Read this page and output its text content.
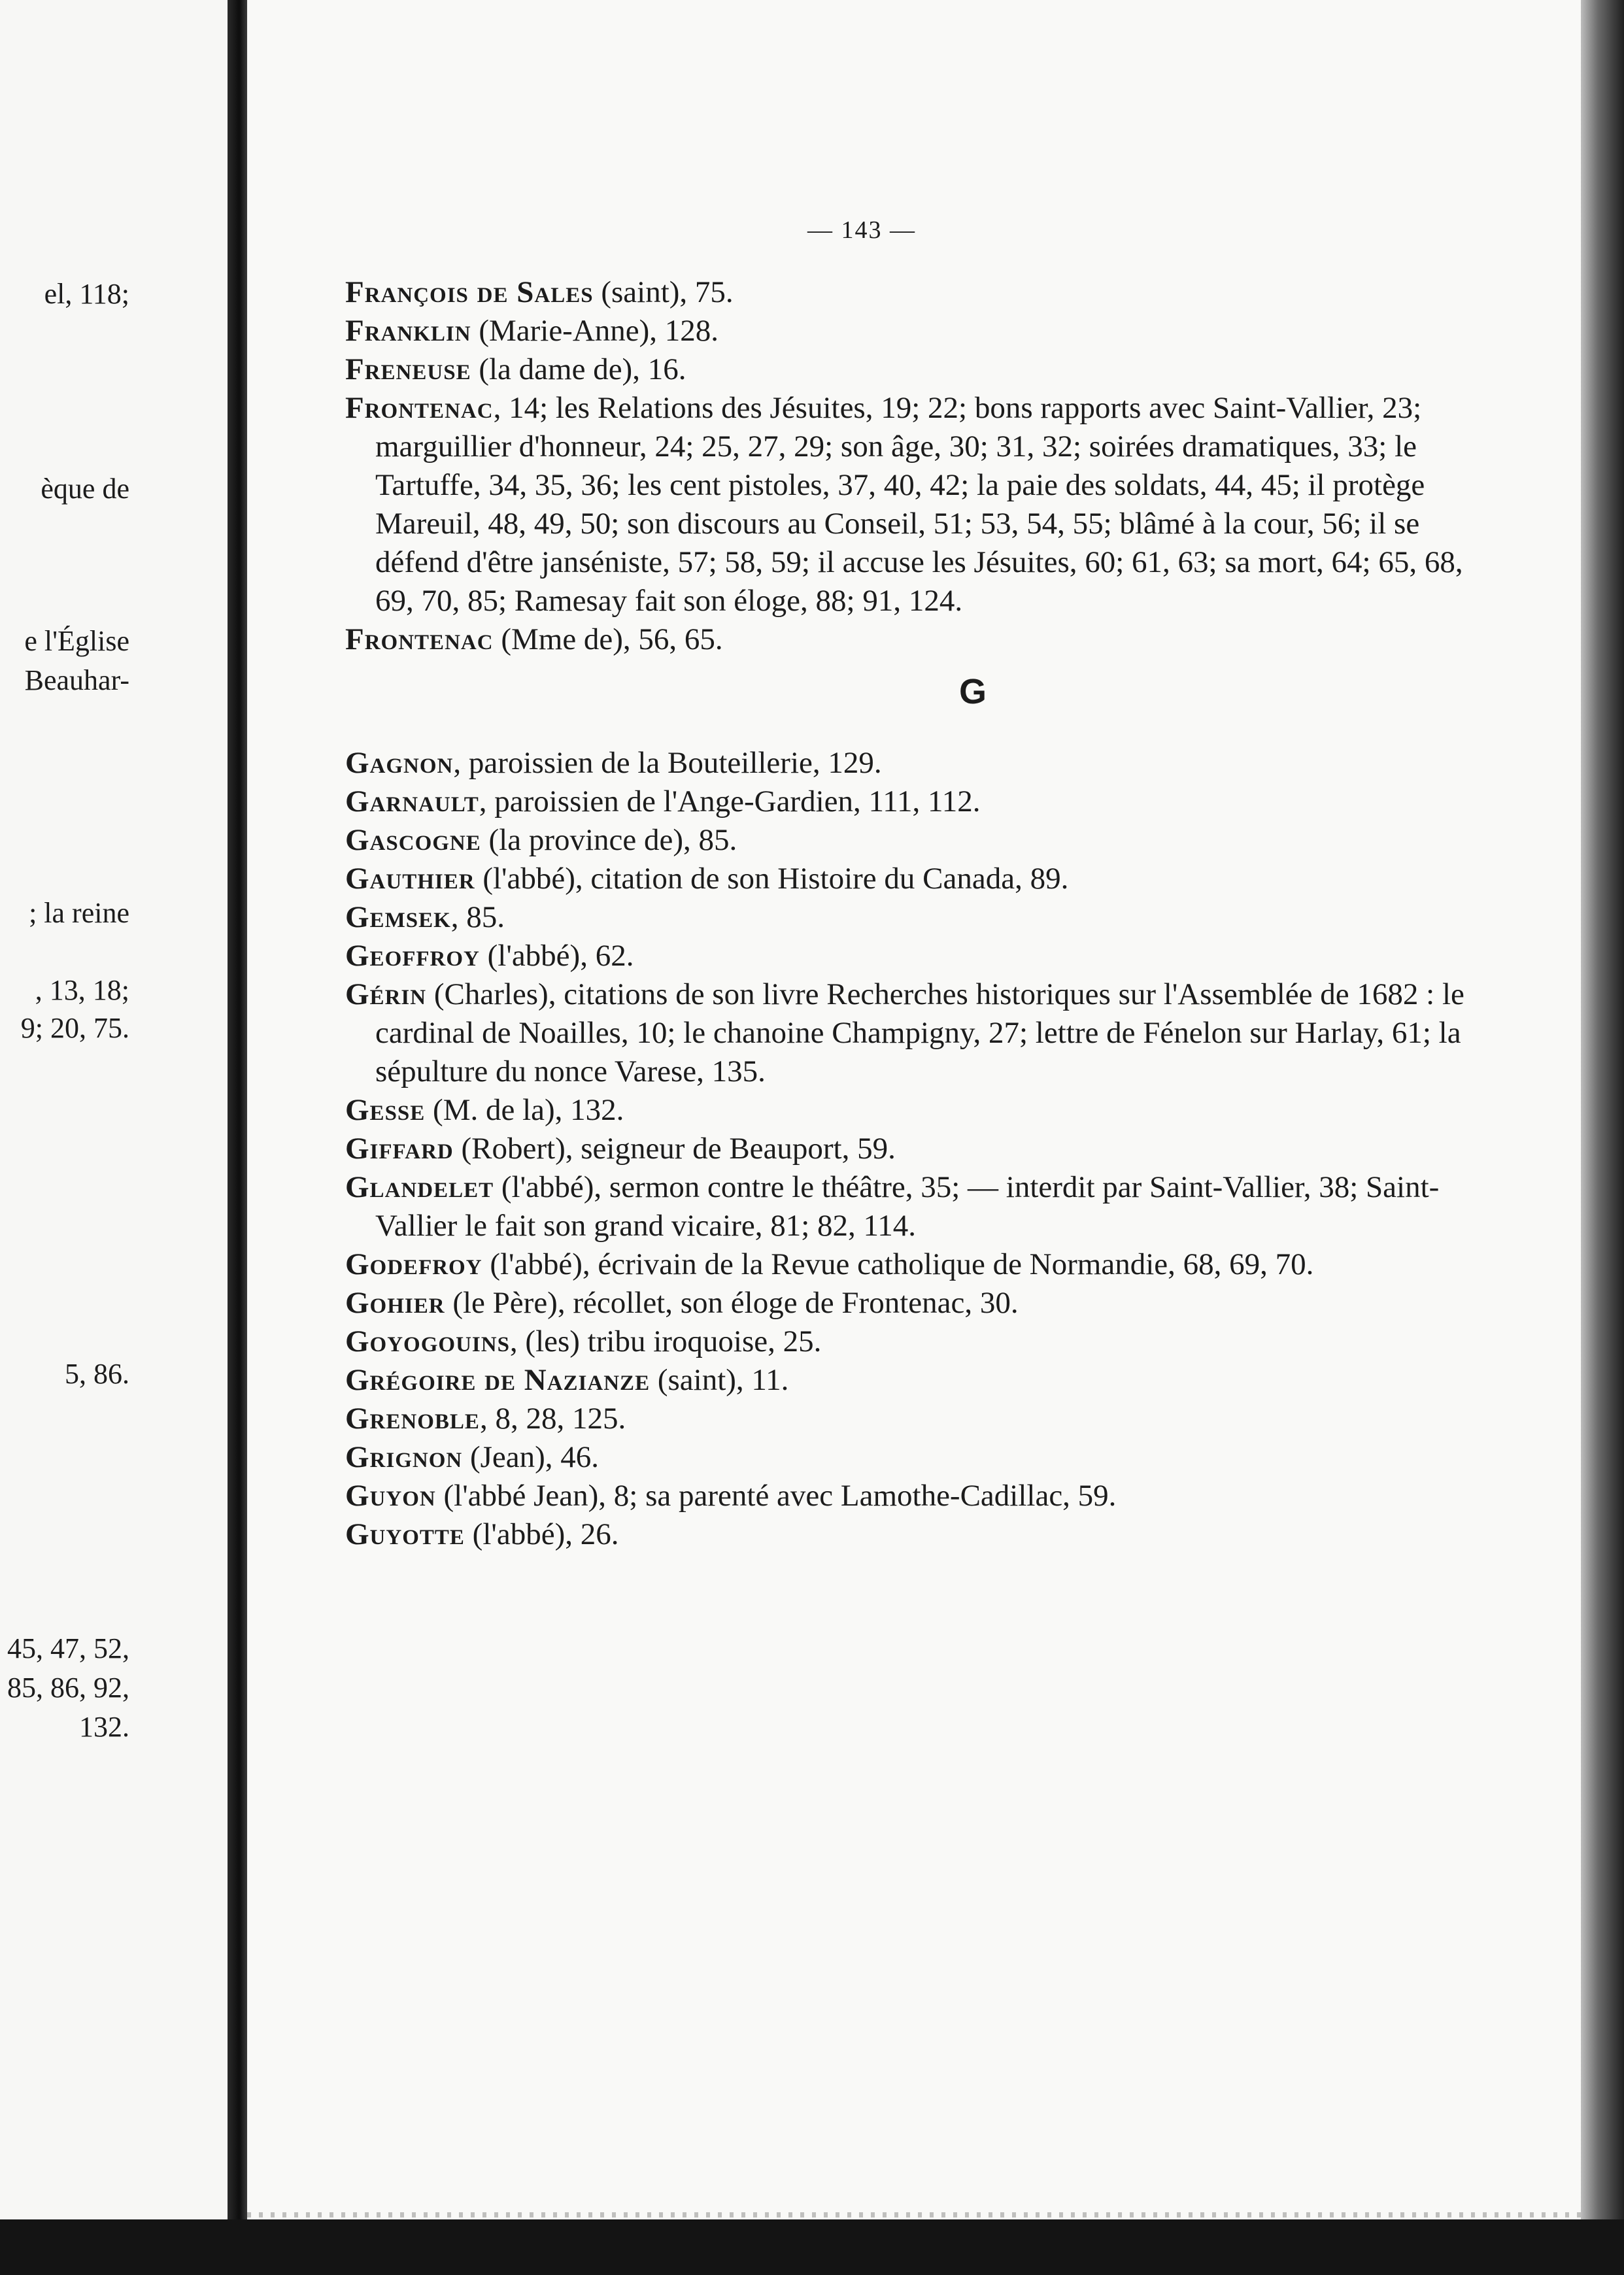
el, 118;
èque de
e l'Église
Beauhar-
; la reine
, 13, 18;
9; 20, 75.
5, 86.
45, 47, 52,
85, 86, 92,
132.
— 143 —
François de Sales (saint), 75.
Franklin (Marie-Anne), 128.
Freneuse (la dame de), 16.
Frontenac, 14; les Relations des Jésuites, 19; 22; bons rapports avec Saint-Vallier, 23; marguillier d'honneur, 24; 25, 27, 29; son âge, 30; 31, 32; soirées dramatiques, 33; le Tartuffe, 34, 35, 36; les cent pistoles, 37, 40, 42; la paie des soldats, 44, 45; il protège Mareuil, 48, 49, 50; son discours au Conseil, 51; 53, 54, 55; blâmé à la cour, 56; il se défend d'être janséniste, 57; 58, 59; il accuse les Jésuites, 60; 61, 63; sa mort, 64; 65, 68, 69, 70, 85; Ramesay fait son éloge, 88; 91, 124.
Frontenac (Mme de), 56, 65.
G
Gagnon, paroissien de la Bouteillerie, 129.
Garnault, paroissien de l'Ange-Gardien, 111, 112.
Gascogne (la province de), 85.
Gauthier (l'abbé), citation de son Histoire du Canada, 89.
Gemsek, 85.
Geoffroy (l'abbé), 62.
Gérin (Charles), citations de son livre Recherches historiques sur l'Assemblée de 1682 : le cardinal de Noailles, 10; le chanoine Champigny, 27; lettre de Fénelon sur Harlay, 61; la sépulture du nonce Varese, 135.
Gesse (M. de la), 132.
Giffard (Robert), seigneur de Beauport, 59.
Glandelet (l'abbé), sermon contre le théâtre, 35; — interdit par Saint-Vallier, 38; Saint-Vallier le fait son grand vicaire, 81; 82, 114.
Godefroy (l'abbé), écrivain de la Revue catholique de Normandie, 68, 69, 70.
Gohier (le Père), récollet, son éloge de Frontenac, 30.
Goyogouins, (les) tribu iroquoise, 25.
Grégoire de Nazianze (saint), 11.
Grenoble, 8, 28, 125.
Grignon (Jean), 46.
Guyon (l'abbé Jean), 8; sa parenté avec Lamothe-Cadillac, 59.
Guyotte (l'abbé), 26.
